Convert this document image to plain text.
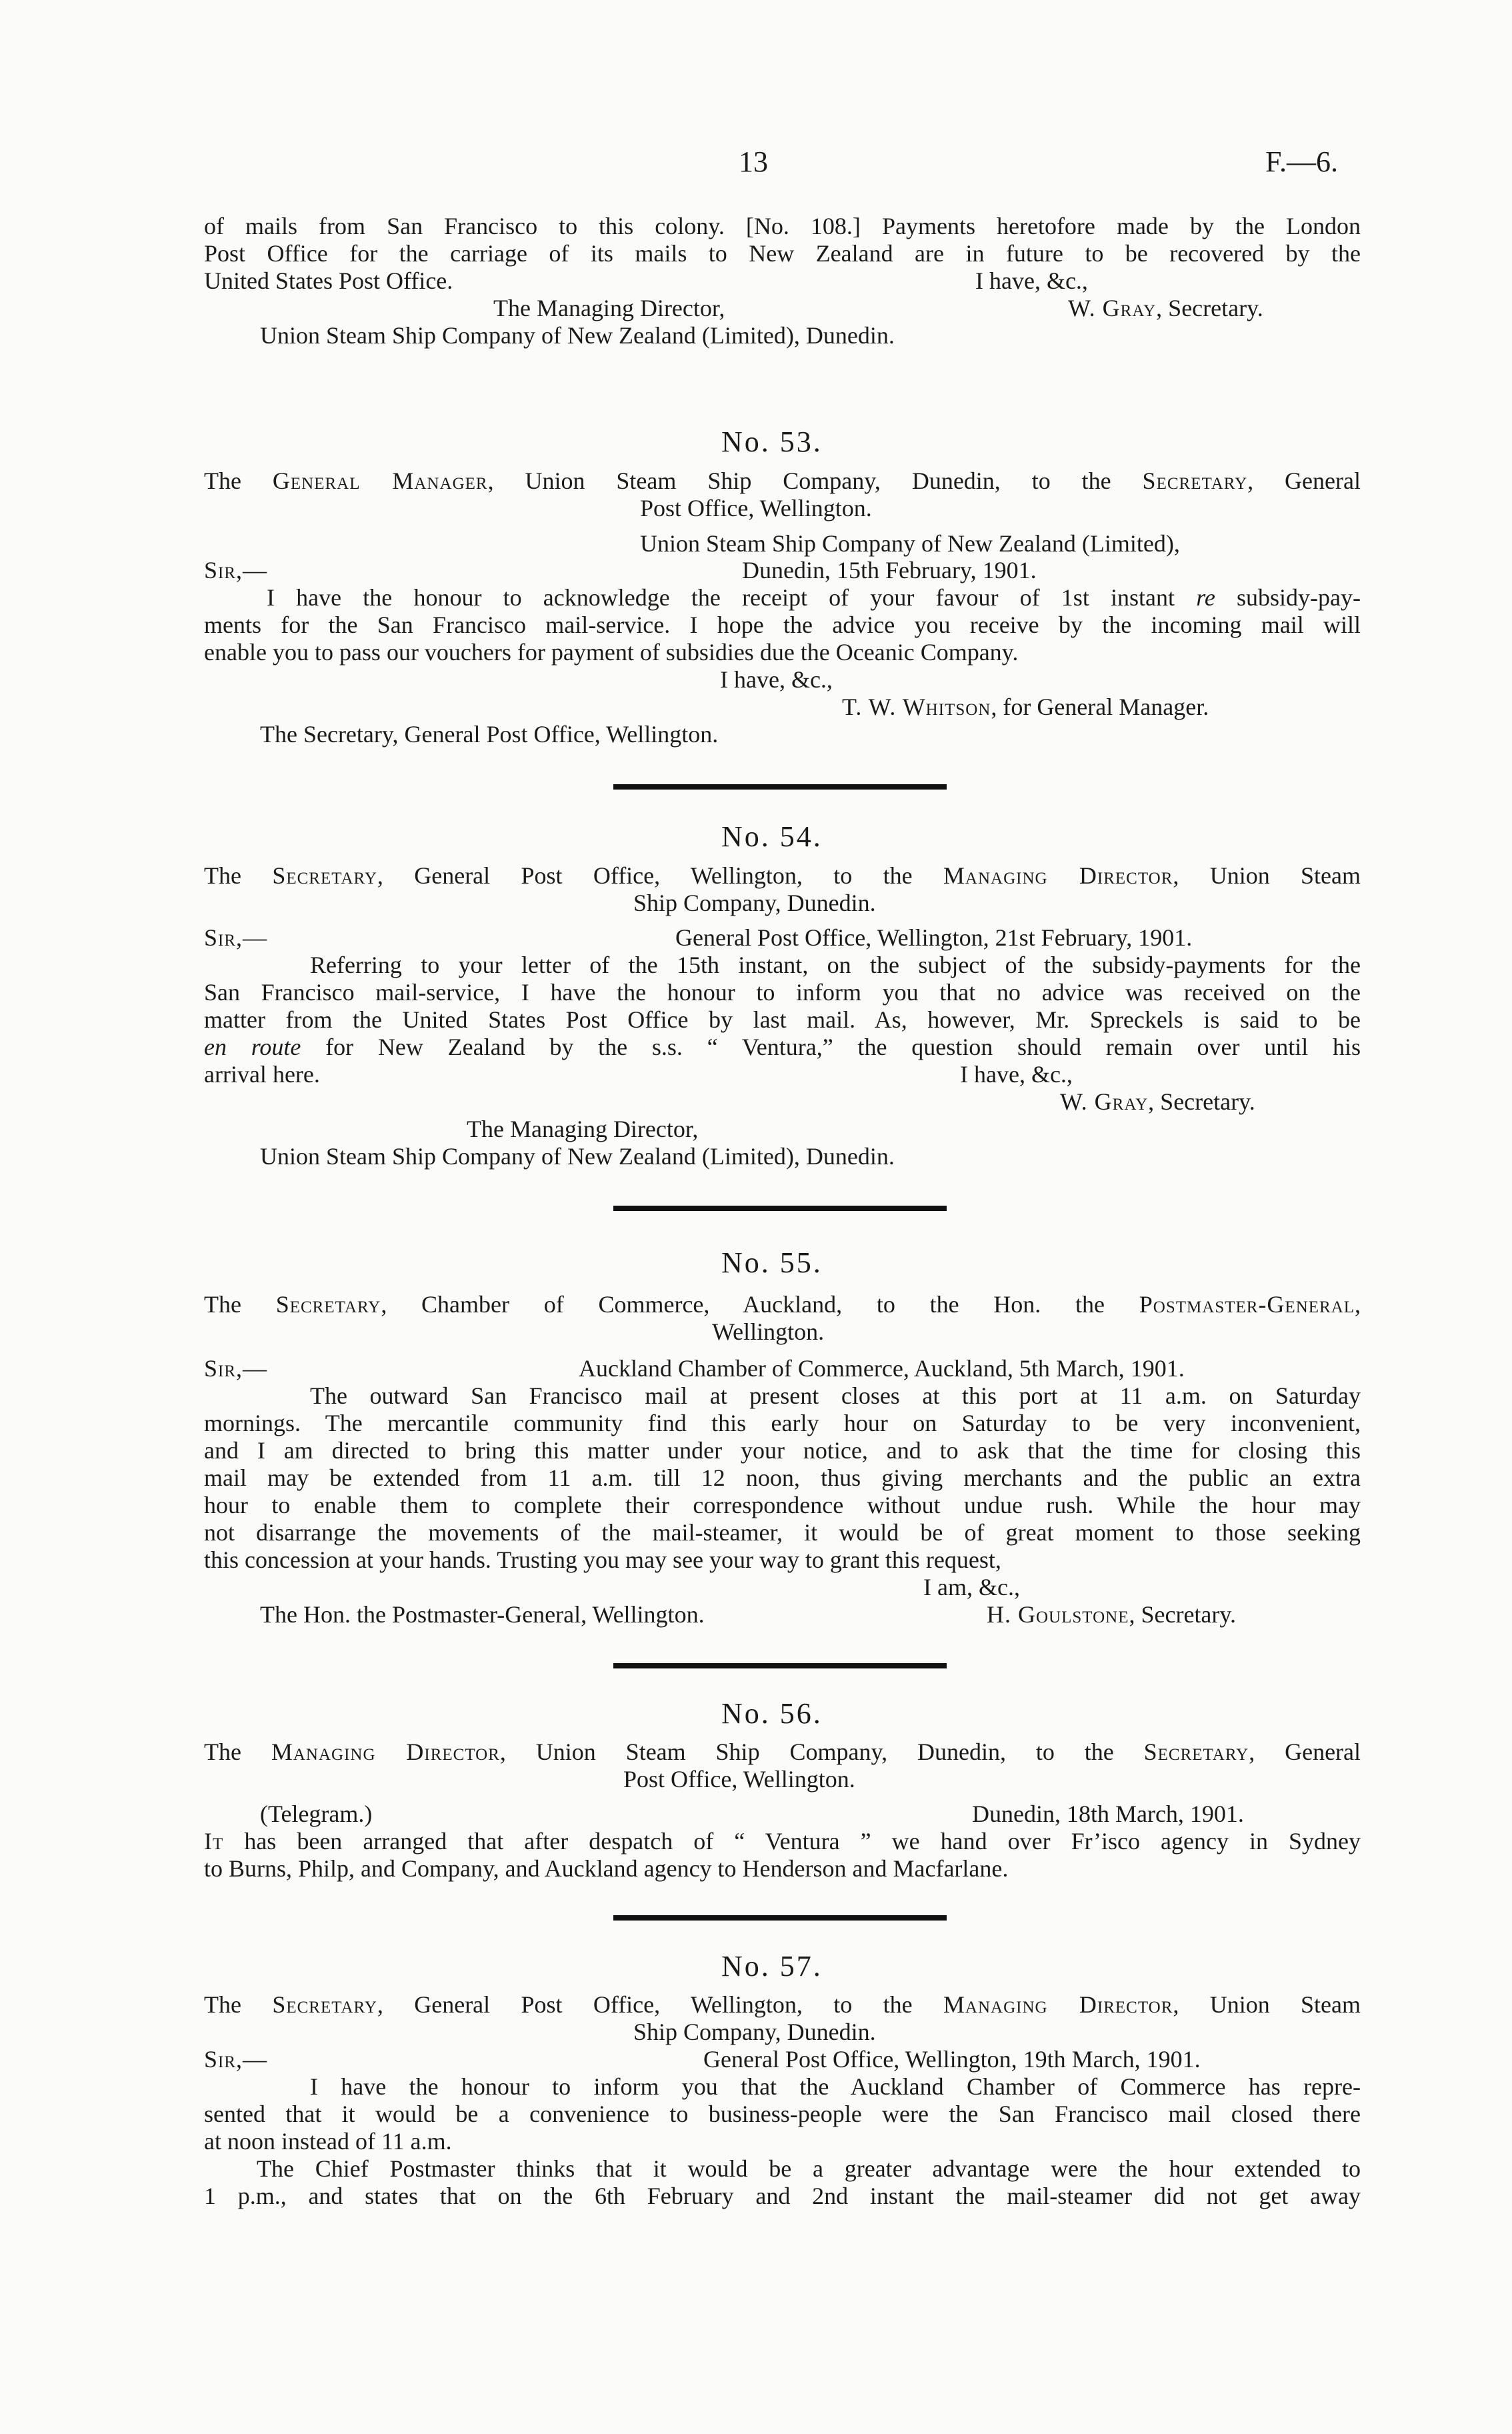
13	F.—6.
of mails from San Francisco to this colony. [No. 108.] Payments heretofore made by the London
Post Office for the carriage of its mails to New Zealand are in future to be recovered by the
United States Post Office.	I have, &c.,
The Managing Director,	W. Gray, Secretary.
Union Steam Ship Company of New Zealand (Limited), Dunedin.
No. 53.
The General Manager, Union Steam Ship Company, Dunedin, to the Secretary, General
Post Office, Wellington.
Union Steam Ship Company of New Zealand (Limited),
Sir,—	Dunedin, 15th February, 1901.
I have the honour to acknowledge the receipt of your favour of 1st instant re subsidy-pay-
ments for the San Francisco mail-service. I hope the advice you receive by the incoming mail will
enable you to pass our vouchers for payment of subsidies due the Oceanic Company.
I have, &c.,
T. W. Whitson, for General Manager.
The Secretary, General Post Office, Wellington.
No. 54.
The Secretary, General Post Office, Wellington, to the Managing Director, Union Steam
Ship Company, Dunedin.
Sir,—	General Post Office, Wellington, 21st February, 1901.
Referring to your letter of the 15th instant, on the subject of the subsidy-payments for the
San Francisco mail-service, I have the honour to inform you that no advice was received on the
matter from the United States Post Office by last mail. As, however, Mr. Spreckels is said to be
en route for New Zealand by the s.s. “ Ventura,” the question should remain over until his
arrival here.	I have, &c.,
W. Gray, Secretary.
The Managing Director,
Union Steam Ship Company of New Zealand (Limited), Dunedin.
No. 55.
The Secretary, Chamber of Commerce, Auckland, to the Hon. the Postmaster-General,
Wellington.
Sir,—	Auckland Chamber of Commerce, Auckland, 5th March, 1901.
The outward San Francisco mail at present closes at this port at 11 a.m. on Saturday
mornings. The mercantile community find this early hour on Saturday to be very inconvenient,
and I am directed to bring this matter under your notice, and to ask that the time for closing this
mail may be extended from 11 a.m. till 12 noon, thus giving merchants and the public an extra
hour to enable them to complete their correspondence without undue rush. While the hour may
not disarrange the movements of the mail-steamer, it would be of great moment to those seeking
this concession at your hands. Trusting you may see your way to grant this request,
I am, &c.,
The Hon. the Postmaster-General, Wellington.	H. Goulstone, Secretary.
No. 56.
The Managing Director, Union Steam Ship Company, Dunedin, to the Secretary, General
Post Office, Wellington.
(Telegram.)	Dunedin, 18th March, 1901.
It has been arranged that after despatch of “ Ventura ” we hand over Fr’isco agency in Sydney
to Burns, Philp, and Company, and Auckland agency to Henderson and Macfarlane.
No. 57.
The Secretary, General Post Office, Wellington, to the Managing Director, Union Steam
Ship Company, Dunedin.
Sir,—	General Post Office, Wellington, 19th March, 1901.
I have the honour to inform you that the Auckland Chamber of Commerce has repre-
sented that it would be a convenience to business-people were the San Francisco mail closed there
at noon instead of 11 a.m.
The Chief Postmaster thinks that it would be a greater advantage were the hour extended to
1 p.m., and states that on the 6th February and 2nd instant the mail-steamer did not get away
